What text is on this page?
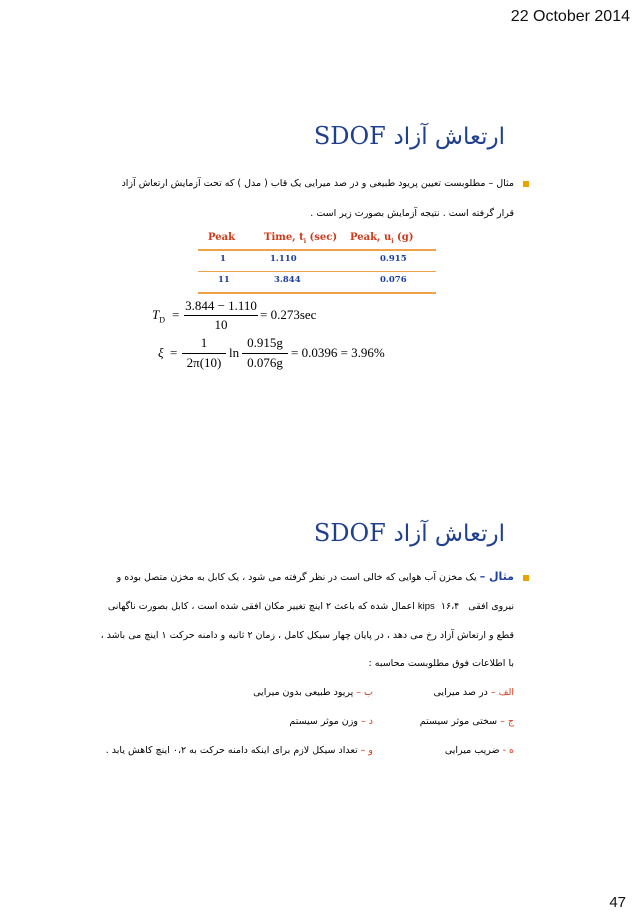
22 October 2014
47
SDOF ارتعاش آزاد
مثال – مطلوبست تعیین پریود طبیعی و در صد میرایی یک قاب ( مدل ) که تحت آزمایش ارتعاش آزاد
قرار گرفته است . نتیجه آزمایش بصورت زیر است .
Peak	Time, $t_i$ (sec) Peak, $u_i$ (g)
1	1.110	0.915
11	3.844	0.076
$T_D$ =
3.844 − 1.110
10
= 0.273sec
ξ =
1
2π(10)
ln
0.915g
0.076g
= 0.0396 = 3.96%
SDOF ارتعاش آزاد
مثال – یک مخزن آب هوایی که خالی است در نظر گرفته می شود ، یک کابل به مخزن متصل بوده و
نیروی افقی   kips  ۱۶،۴ اعمال شده که باعث ۲ اینچ تغییر مکان افقی شده است ، کابل بصورت ناگهانی
قطع و ارتعاش آزاد رخ می دهد ، در پایان چهار سیکل کامل ، زمان ۲ ثانیه و دامنه حرکت ۱ اینچ می باشد ،
با اطلاعات فوق مطلوبست محاسبه :
الف – در صد میرایی
ج – سختی موثر سیستم
ه - ضریب میرایی
ب – پریود طبیعی بدون میرایی
د – وزن موثر سیستم
و – تعداد سیکل لازم برای اینکه دامنه حرکت به ۰،۲ اینچ کاهش یابد .
